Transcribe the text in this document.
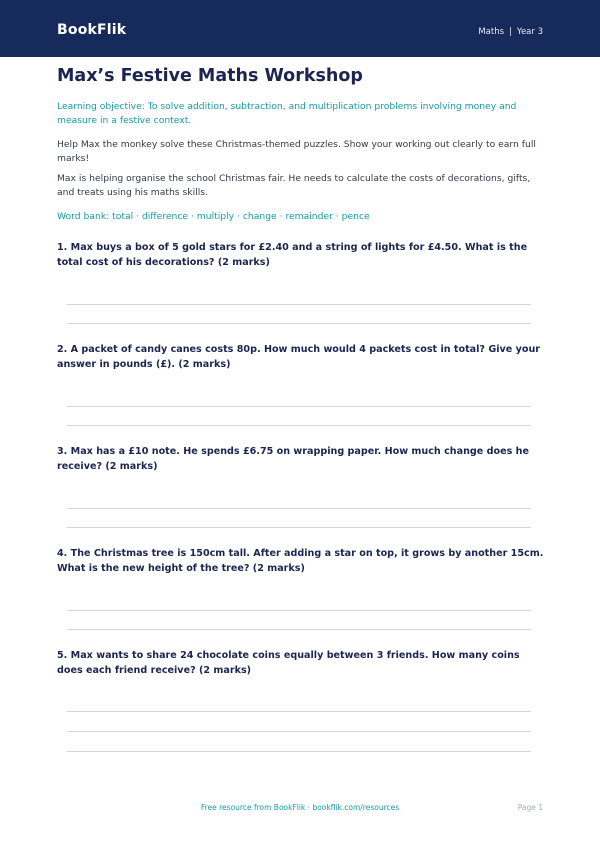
BookFlik	Maths | Year 3
Max’s Festive Maths Workshop

Learning objective: To solve addition, subtraction, and multiplication problems involving money and measure in a festive context.

Help Max the monkey solve these Christmas-themed puzzles. Show your working out clearly to earn full marks!

Max is helping organise the school Christmas fair. He needs to calculate the costs of decorations, gifts, and treats using his maths skills.

Word bank: total · difference · multiply · change · remainder · pence

1. Max buys a box of 5 gold stars for £2.40 and a string of lights for £4.50. What is the total cost of his decorations? (2 marks)

2. A packet of candy canes costs 80p. How much would 4 packets cost in total? Give your answer in pounds (£). (2 marks)

3. Max has a £10 note. He spends £6.75 on wrapping paper. How much change does he receive? (2 marks)

4. The Christmas tree is 150cm tall. After adding a star on top, it grows by another 15cm. What is the new height of the tree? (2 marks)

5. Max wants to share 24 chocolate coins equally between 3 friends. How many coins does each friend receive? (2 marks)

Free resource from BookFlik · bookflik.com/resources	Page 1
